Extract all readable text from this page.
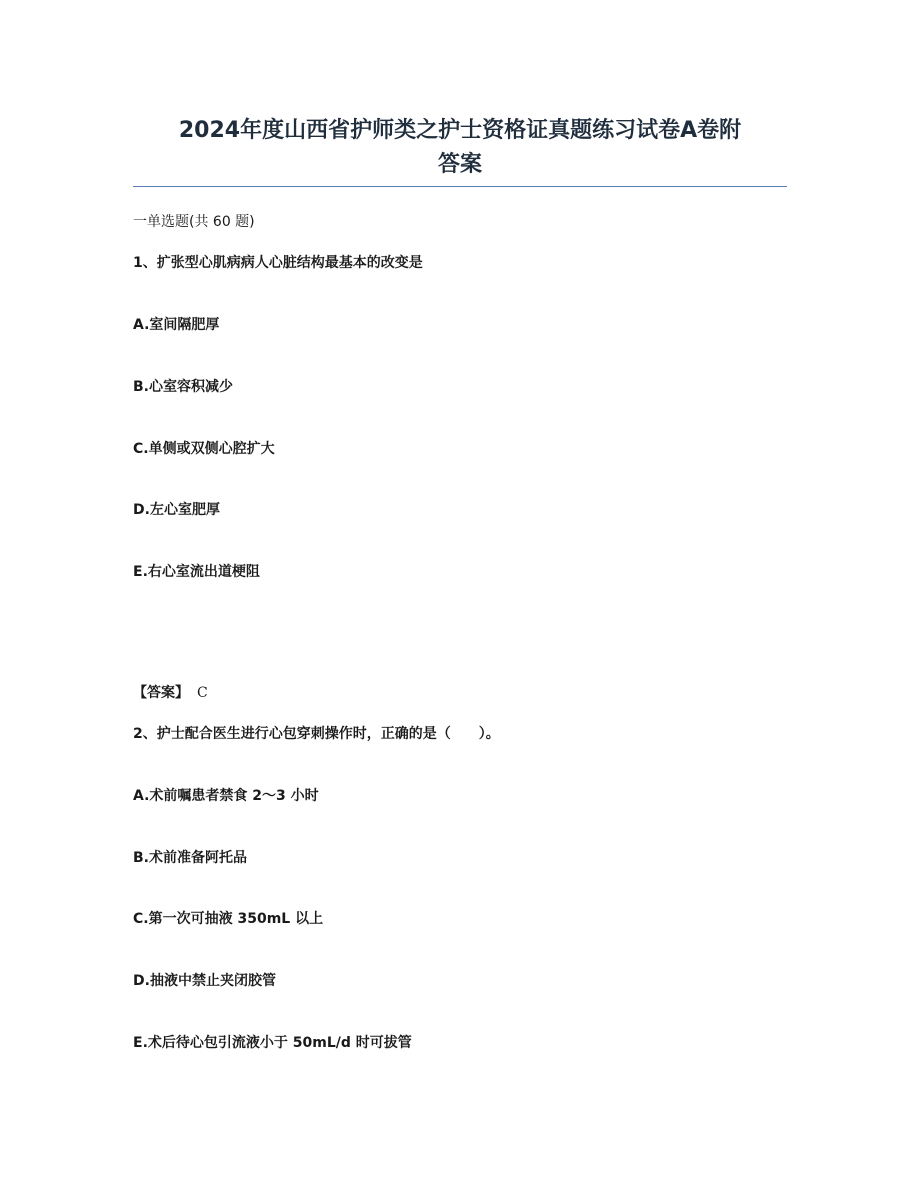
2024年度山西省护师类之护士资格证真题练习试卷A卷附
答案
一单选题(共 60 题)
1、扩张型心肌病病人心脏结构最基本的改变是
A.室间隔肥厚
B.心室容积减少
C.单侧或双侧心腔扩大
D.左心室肥厚
E.右心室流出道梗阻
【答案】 C
2、护士配合医生进行心包穿刺操作时，正确的是（　　）。
A.术前嘱患者禁食 2～3 小时
B.术前准备阿托品
C.第一次可抽液 350mL 以上
D.抽液中禁止夹闭胶管
E.术后待心包引流液小于 50mL/d 时可拔管
